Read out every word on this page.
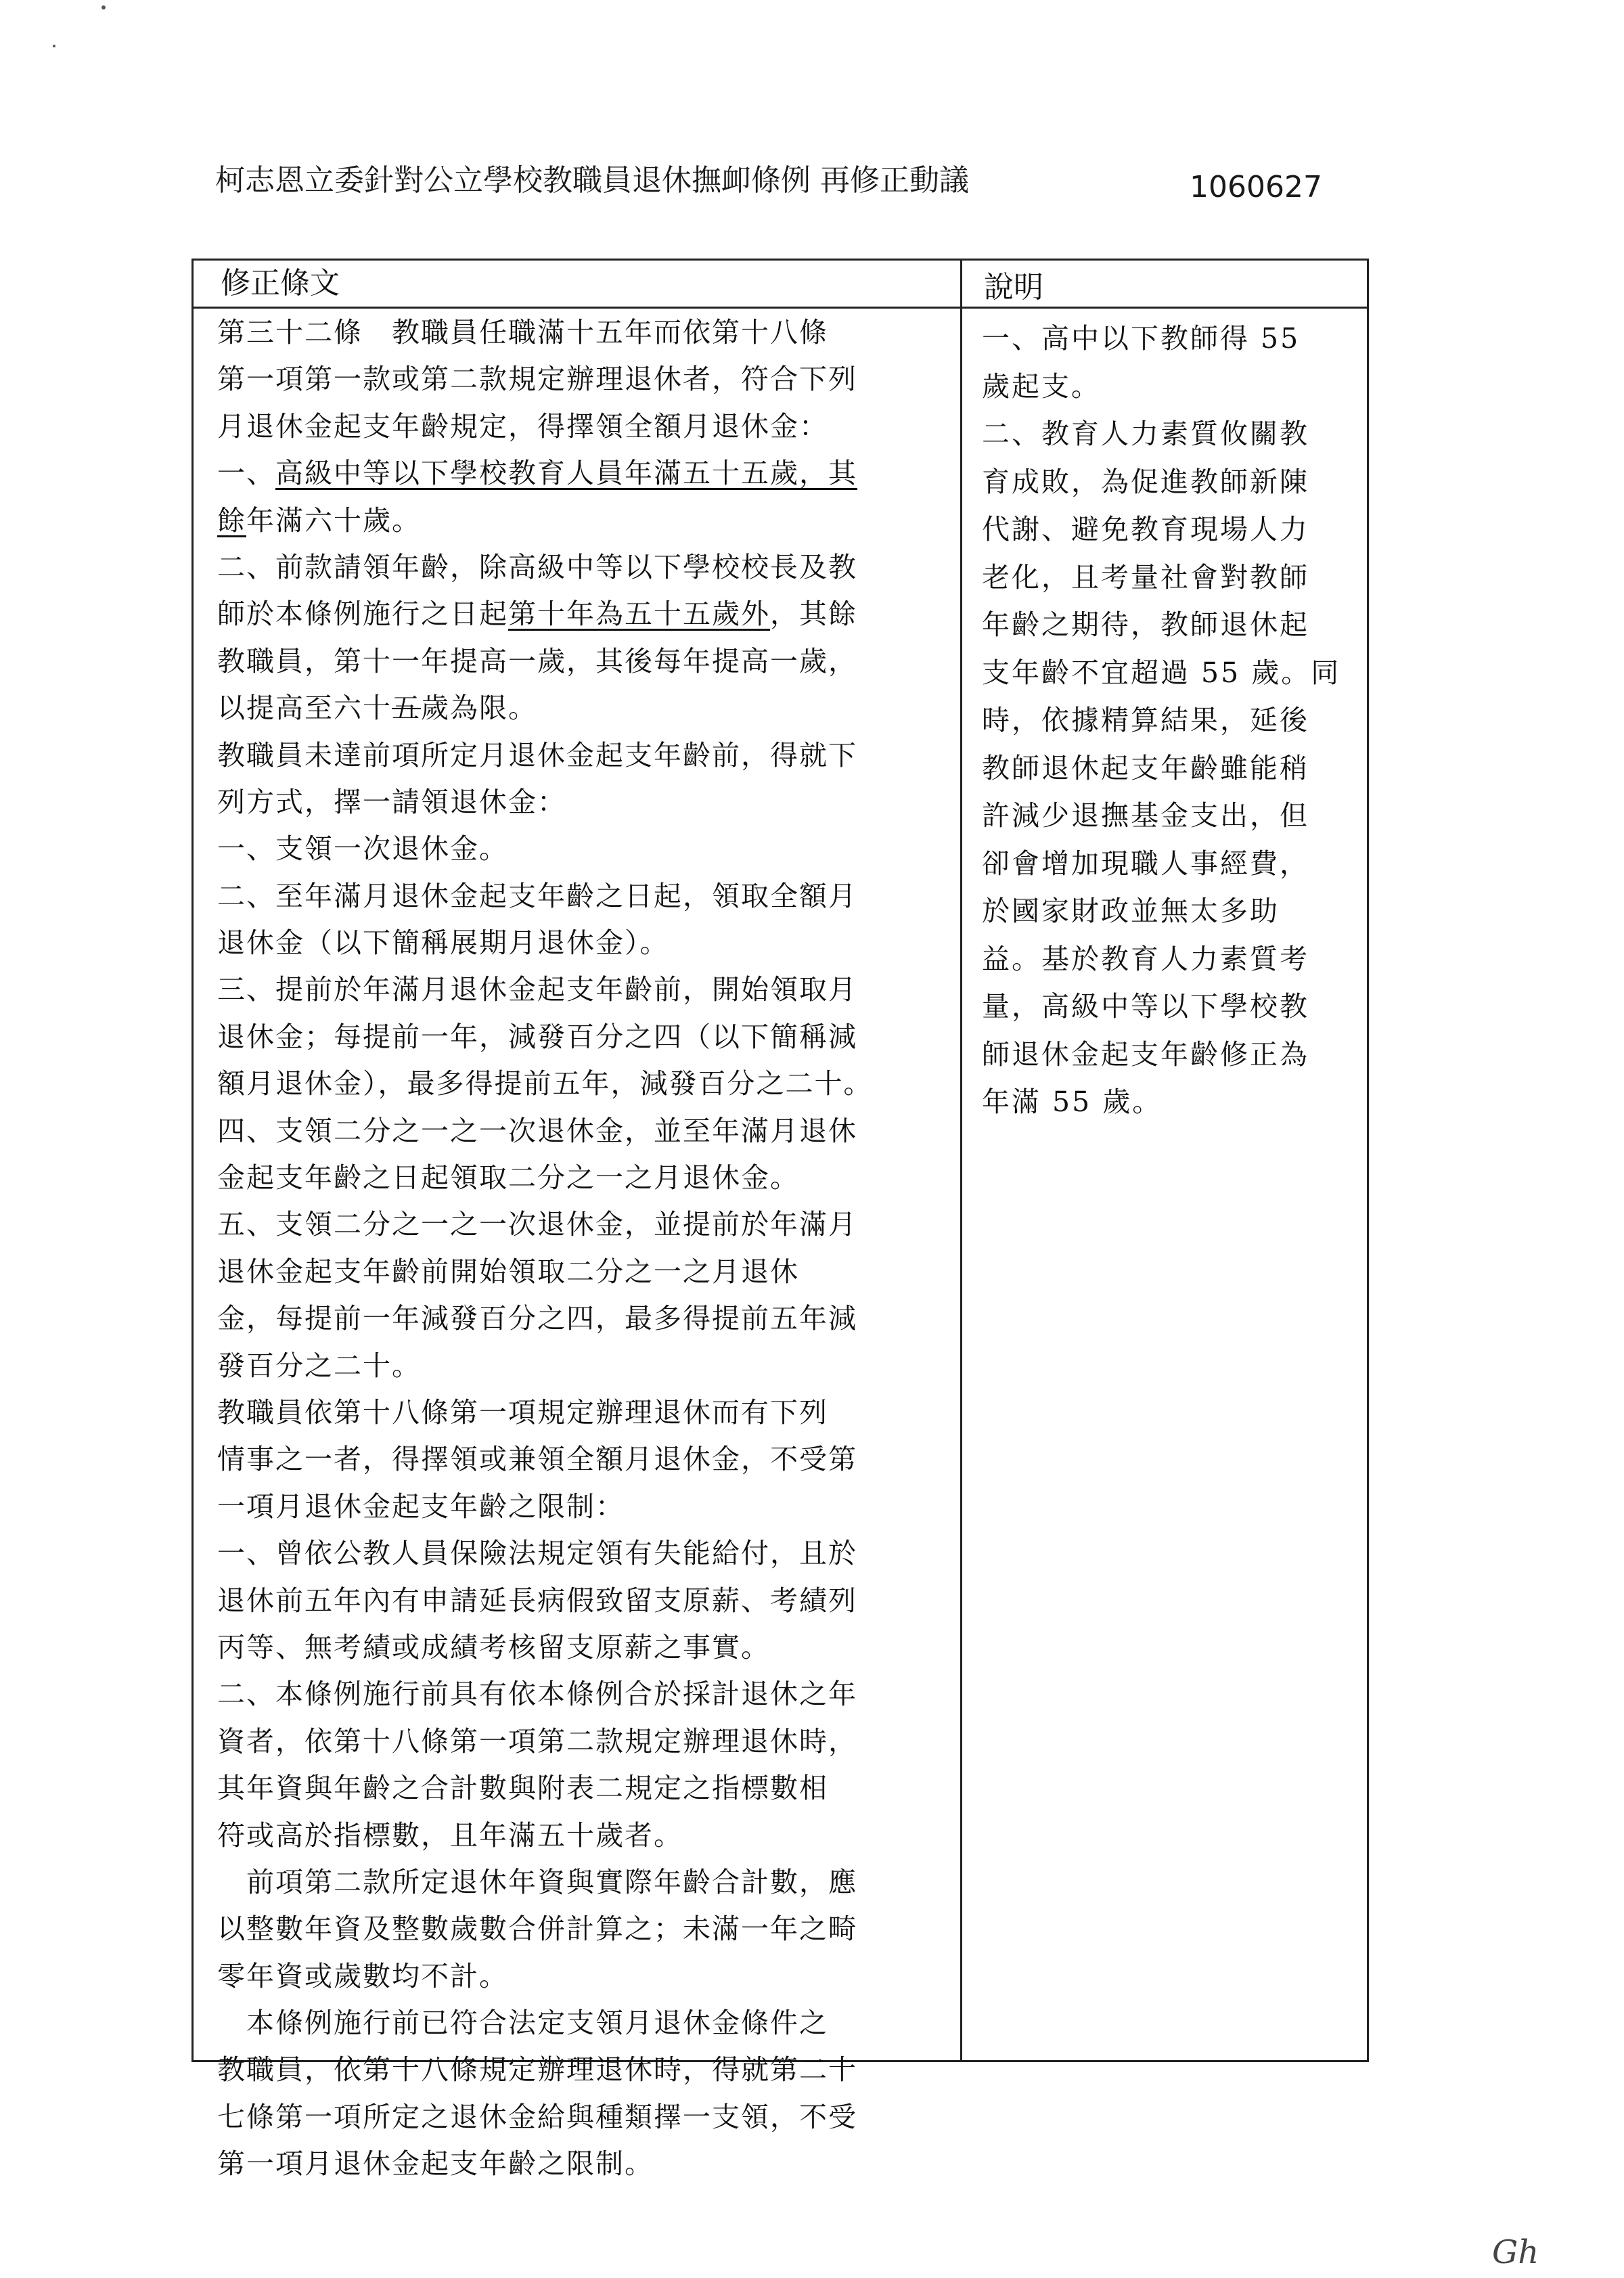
柯志恩立委針對公立學校教職員退休撫卹條例 再修正動議	1060627
修正條文	說明
第三十二條　教職員任職滿十五年而依第十八條
第一項第一款或第二款規定辦理退休者，符合下列
月退休金起支年齡規定，得擇領全額月退休金：
一、高級中等以下學校教育人員年滿五十五歲，其
餘年滿六十歲。
二、前款請領年齡，除高級中等以下學校校長及教
師於本條例施行之日起第十年為五十五歲外，其餘
教職員，第十一年提高一歲，其後每年提高一歲，
以提高至六十五歲為限。
教職員未達前項所定月退休金起支年齡前，得就下
列方式，擇一請領退休金：
一、支領一次退休金。
二、至年滿月退休金起支年齡之日起，領取全額月
退休金（以下簡稱展期月退休金）。
三、提前於年滿月退休金起支年齡前，開始領取月
退休金；每提前一年，減發百分之四（以下簡稱減
額月退休金），最多得提前五年，減發百分之二十。
四、支領二分之一之一次退休金，並至年滿月退休
金起支年齡之日起領取二分之一之月退休金。
五、支領二分之一之一次退休金，並提前於年滿月
退休金起支年齡前開始領取二分之一之月退休
金，每提前一年減發百分之四，最多得提前五年減
發百分之二十。
教職員依第十八條第一項規定辦理退休而有下列
情事之一者，得擇領或兼領全額月退休金，不受第
一項月退休金起支年齡之限制：
一、曾依公教人員保險法規定領有失能給付，且於
退休前五年內有申請延長病假致留支原薪、考績列
丙等、無考績或成績考核留支原薪之事實。
二、本條例施行前具有依本條例合於採計退休之年
資者，依第十八條第一項第二款規定辦理退休時，
其年資與年齡之合計數與附表二規定之指標數相
符或高於指標數，且年滿五十歲者。
　前項第二款所定退休年資與實際年齡合計數，應
以整數年資及整數歲數合併計算之；未滿一年之畸
零年資或歲數均不計。
　本條例施行前已符合法定支領月退休金條件之
教職員，依第十八條規定辦理退休時，得就第二十
七條第一項所定之退休金給與種類擇一支領，不受
第一項月退休金起支年齡之限制。
一、高中以下教師得 55
歲起支。
二、教育人力素質攸關教
育成敗，為促進教師新陳
代謝、避免教育現場人力
老化，且考量社會對教師
年齡之期待，教師退休起
支年齡不宜超過 55 歲。同
時，依據精算結果，延後
教師退休起支年齡雖能稍
許減少退撫基金支出，但
卻會增加現職人事經費，
於國家財政並無太多助
益。基於教育人力素質考
量，高級中等以下學校教
師退休金起支年齡修正為
年滿 55 歲。
Gh
